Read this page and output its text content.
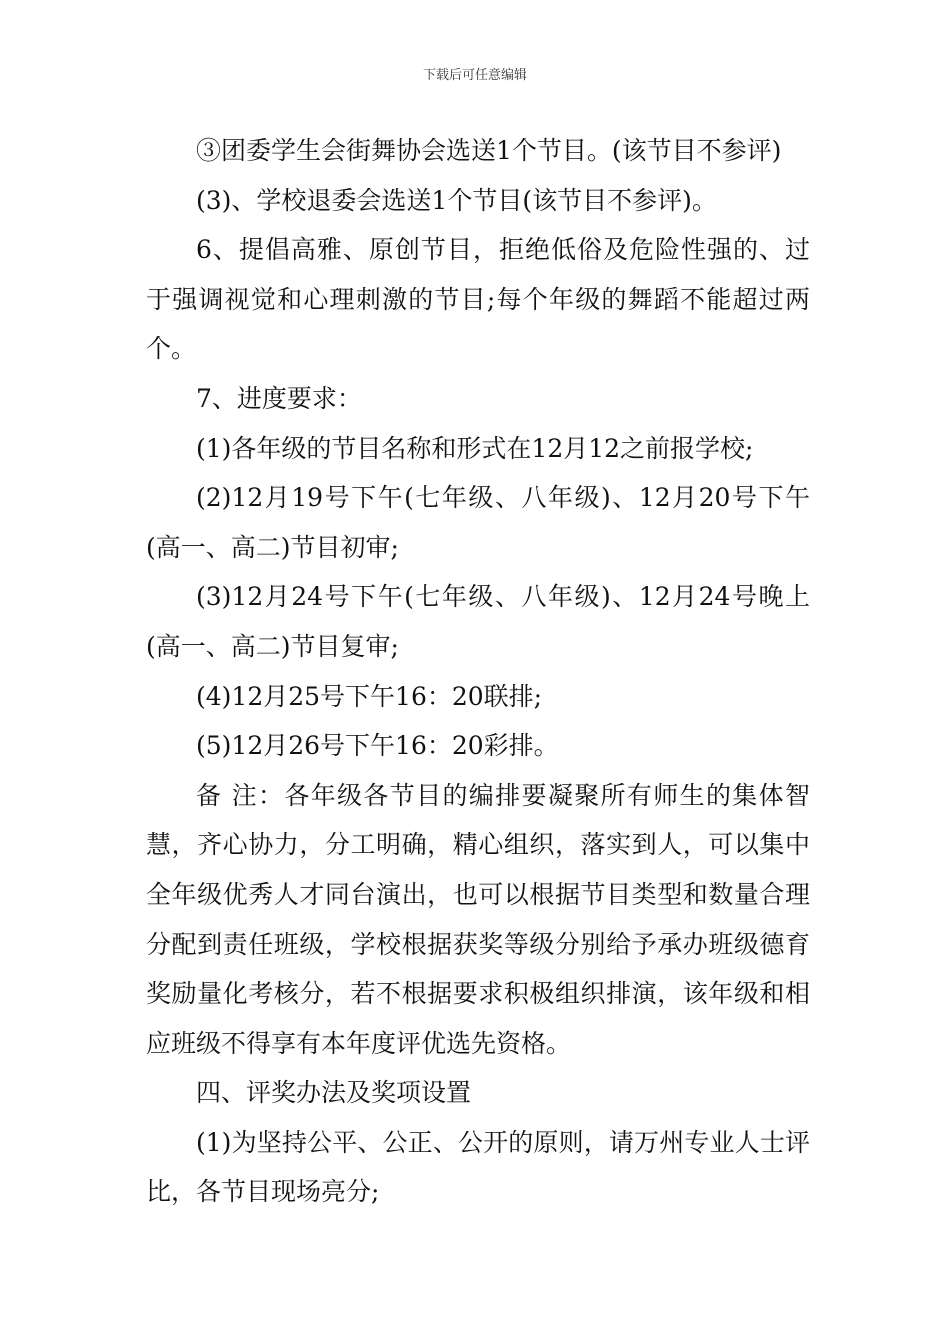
下载后可任意编辑

③团委学生会街舞协会选送1个节目。(该节目不参评)

(3)、学校退委会选送1个节目(该节目不参评)。

6、提倡高雅、原创节目，拒绝低俗及危险性强的、过于强调视觉和心理刺激的节目;每个年级的舞蹈不能超过两个。

7、进度要求：

(1)各年级的节目名称和形式在12月12之前报学校;

(2)12月19号下午(七年级、八年级)、12月20号下午(高一、高二)节目初审;

(3)12月24号下午(七年级、八年级)、12月24号晚上(高一、高二)节目复审;

(4)12月25号下午16：20联排;

(5)12月26号下午16：20彩排。

备 注：各年级各节目的编排要凝聚所有师生的集体智慧，齐心协力，分工明确，精心组织，落实到人，可以集中全年级优秀人才同台演出，也可以根据节目类型和数量合理分配到责任班级，学校根据获奖等级分别给予承办班级德育奖励量化考核分，若不根据要求积极组织排演，该年级和相应班级不得享有本年度评优选先资格。

四、评奖办法及奖项设置

(1)为坚持公平、公正、公开的原则，请万州专业人士评比，各节目现场亮分;
